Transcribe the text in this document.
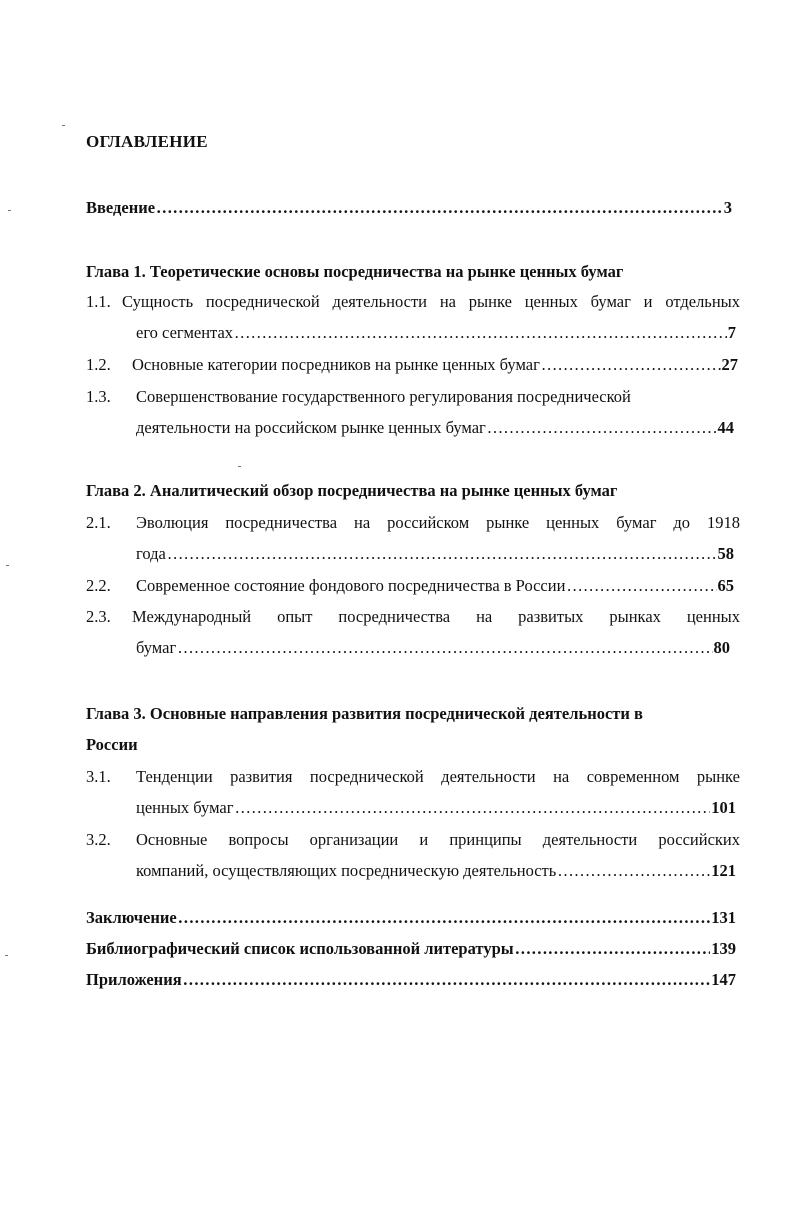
ОГЛАВЛЕНИЕ
Введение ……………………………………………………………………………………………………………………………………………………………………	3
Глава 1. Теоретические основы посредничества на рынке ценных бумаг
1.1. Сущность посреднической деятельности на рынке ценных бумаг и отдельных
его сегментах ……………………………………………………………………………………………………………………………………………………………………	7
1.2. Основные категории посредников на рынке ценных бумаг ……………………………………………………………………………………………………………………………………………………………………	27
1.3. Совершенствование государственного регулирования посреднической
деятельности на российском рынке ценных бумаг ……………………………………………………………………………………………………………………………………………………………………	44
Глава 2. Аналитический обзор посредничества на рынке ценных бумаг
2.1. Эволюция посредничества на российском рынке ценных бумаг до 1918
года ……………………………………………………………………………………………………………………………………………………………………	58
2.2. Современное состояние фондового посредничества в России ……………………………………………………………………………………………………………………………………………………………………	65
2.3. Международный опыт посредничества на развитых рынках ценных
бумаг ……………………………………………………………………………………………………………………………………………………………………	80
Глава 3. Основные направления развития посреднической деятельности в
России
3.1. Тенденции развития посреднической деятельности на современном рынке
ценных бумаг ……………………………………………………………………………………………………………………………………………………………………	101
3.2. Основные вопросы организации и принципы деятельности российских
компаний, осуществляющих посредническую деятельность ……………………………………………………………………………………………………………………………………………………………………	121
Заключение ……………………………………………………………………………………………………………………………………………………………………	131
Библиографический список использованной литературы ……………………………………………………………………………………………………………………………………………………………………	139
Приложения ……………………………………………………………………………………………………………………………………………………………………	147
